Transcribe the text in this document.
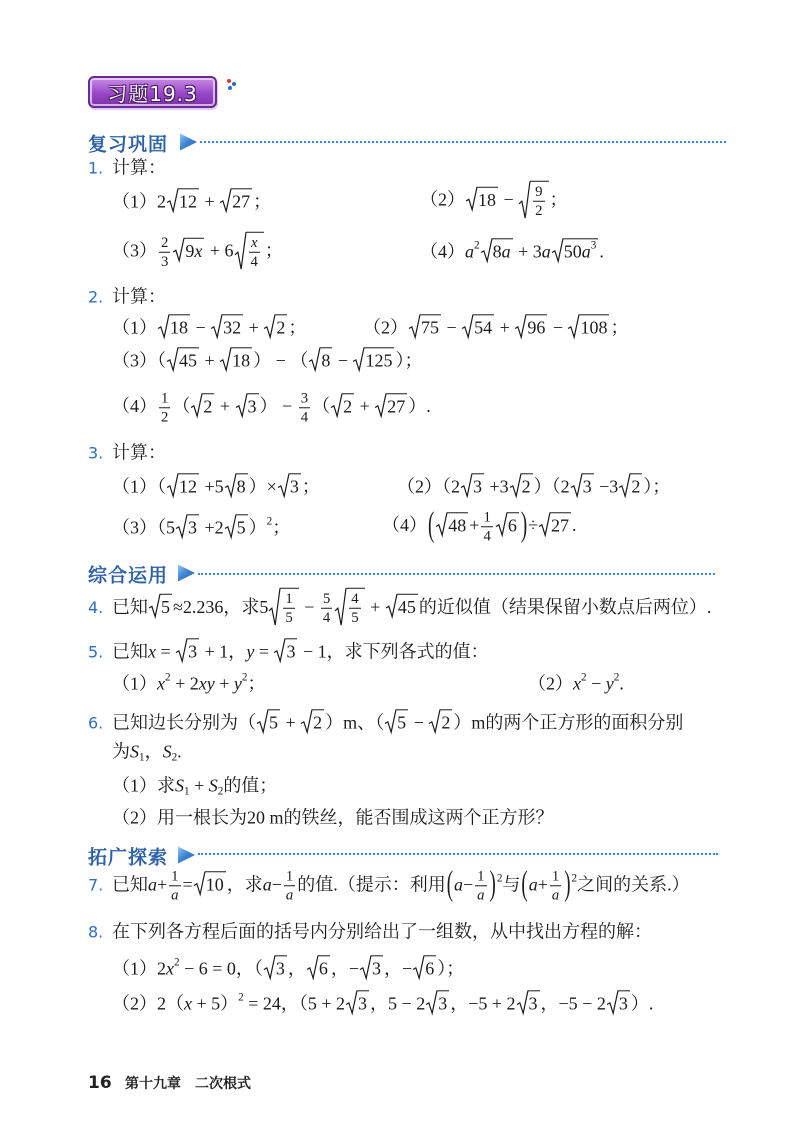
习题19.3
复习巩固
1. 计算：
（1）2 12 + 27 ；	（2） $18 - \frac{9}{2}$ ；
$(3) \frac{2}{3} 9x + 6 \frac{x}{4}$ ；	$(4)a^2$ 8a + 3a $50a^3$ .
2. 计算：
（1） 18 − 32 + 2 ；	（2） 75 − 54 + 96 − 108 ；
（3）（ 45 + 18 ） − （ 8 − 125 ）；
$(4) \frac{1}{2}$ （ 2 + 3 ） − $\frac{3}{4}$ （ 2 + 27 ）.
3. 计算：
（1）（ 12 +5 8 ）× 3 ；	（2）（2 3 +3 2 ）（2 3 −3 2 ）；
（3）（5 3 +2 5 ）$^2$；	（4）( $48 + \frac{1}{4} 6$ )÷ 27 .
综合运用
4. 已知 5 ≈2.236，求$5 \frac{1}{5} - \frac{5}{4} \frac{4}{5} + 45$ 的近似值（结果保留小数点后两位）.
5. 已知x = 3 + 1，y = 3 − 1，求下列各式的值：
$(1)x^2 + 2xy + y^2$；	$(2)x^2 - y^2$.
6. 已知边长分别为（ 5 + 2 ）m、（ 5 − 2 ）m的两个正方形的面积分别
为$S_1$，$S_2$.
（1）求$S_1 + S_2$的值；
（2）用一根长为20 m的铁丝，能否围成这两个正方形？
拓广探索
7. 已知$a+ \frac{1}{a} = 10$ ，求$a- \frac{1}{a}$ 的值.（提示：利用$(a- \frac{1}{a} )^2$与$(a+ \frac{1}{a} )^2$之间的关系.）
8. 在下列各方程后面的括号内分别给出了一组数，从中找出方程的解：
$(1)2x^2 - 6 = 0$，（ 3 ， 6 ，− 3 ，− 6 ）；
$(2)2(x + 5)^2 = 24$，（5 + 2 3 ，5 − 2 3 ，−5 + 2 3 ，−5 − 2 3 ）.
16 第十九章 二次根式
